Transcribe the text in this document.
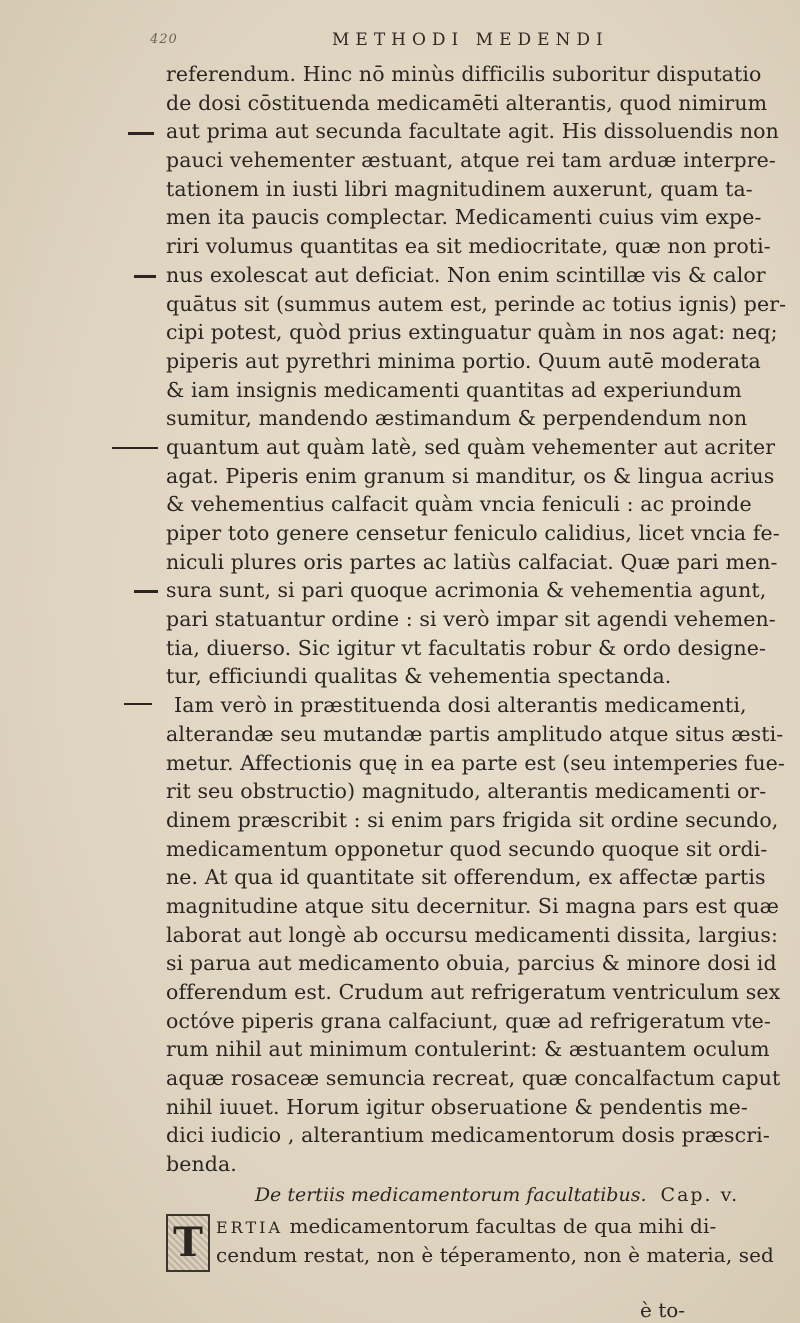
420	METHODI MEDENDI
referendum. Hinc nō minùs difficilis suboritur disputatio
de dosi cōstituenda medicamēti alterantis, quod nimirum
aut prima aut secunda facultate agit. His dissoluendis non
pauci vehementer æstuant, atque rei tam arduæ interpre-
tationem in iusti libri magnitudinem auxerunt, quam ta-
men ita paucis complectar. Medicamenti cuius vim expe-
riri volumus quantitas ea sit mediocritate, quæ non proti-
nus exolescat aut deficiat. Non enim scintillæ vis & calor
quātus sit (summus autem est, perinde ac totius ignis) per-
cipi potest, quòd prius extinguatur quàm in nos agat: neq;
piperis aut pyrethri minima portio. Quum autē moderata
& iam insignis medicamenti quantitas ad experiundum
sumitur, mandendo æstimandum & perpendendum non
quantum aut quàm latè, sed quàm vehementer aut acriter
agat. Piperis enim granum si manditur, os & lingua acrius
& vehementius calfacit quàm vncia feniculi : ac proinde
piper toto genere censetur feniculo calidius, licet vncia fe-
niculi plures oris partes ac latiùs calfaciat. Quæ pari men-
sura sunt, si pari quoque acrimonia & vehementia agunt,
pari statuantur ordine : si verò impar sit agendi vehemen-
tia, diuerso. Sic igitur vt facultatis robur & ordo designe-
tur, efficiundi qualitas & vehementia spectanda.
Iam verò in præstituenda dosi alterantis medicamenti,
alterandæ seu mutandæ partis amplitudo atque situs æsti-
metur. Affectionis quę in ea parte est (seu intemperies fue-
rit seu obstructio) magnitudo, alterantis medicamenti or-
dinem præscribit : si enim pars frigida sit ordine secundo,
medicamentum opponetur quod secundo quoque sit ordi-
ne. At qua id quantitate sit offerendum, ex affectæ partis
magnitudine atque situ decernitur. Si magna pars est quæ
laborat aut longè ab occursu medicamenti dissita, largius:
si parua aut medicamento obuia, parcius & minore dosi id
offerendum est. Crudum aut refrigeratum ventriculum sex
octóve piperis grana calfaciunt, quæ ad refrigeratum vte-
rum nihil aut minimum contulerint: & æstuantem oculum
aquæ rosaceæ semuncia recreat, quæ concalfactum caput
nihil iuuet. Horum igitur obseruatione & pendentis me-
dici iudicio , alterantium medicamentorum dosis præscri-
benda.
De tertiis medicamentorum facultatibus. Cap. v.
T ERTIA medicamentorum facultas de qua mihi di-
cendum restat, non è téperamento, non è materia, sed
è to-
